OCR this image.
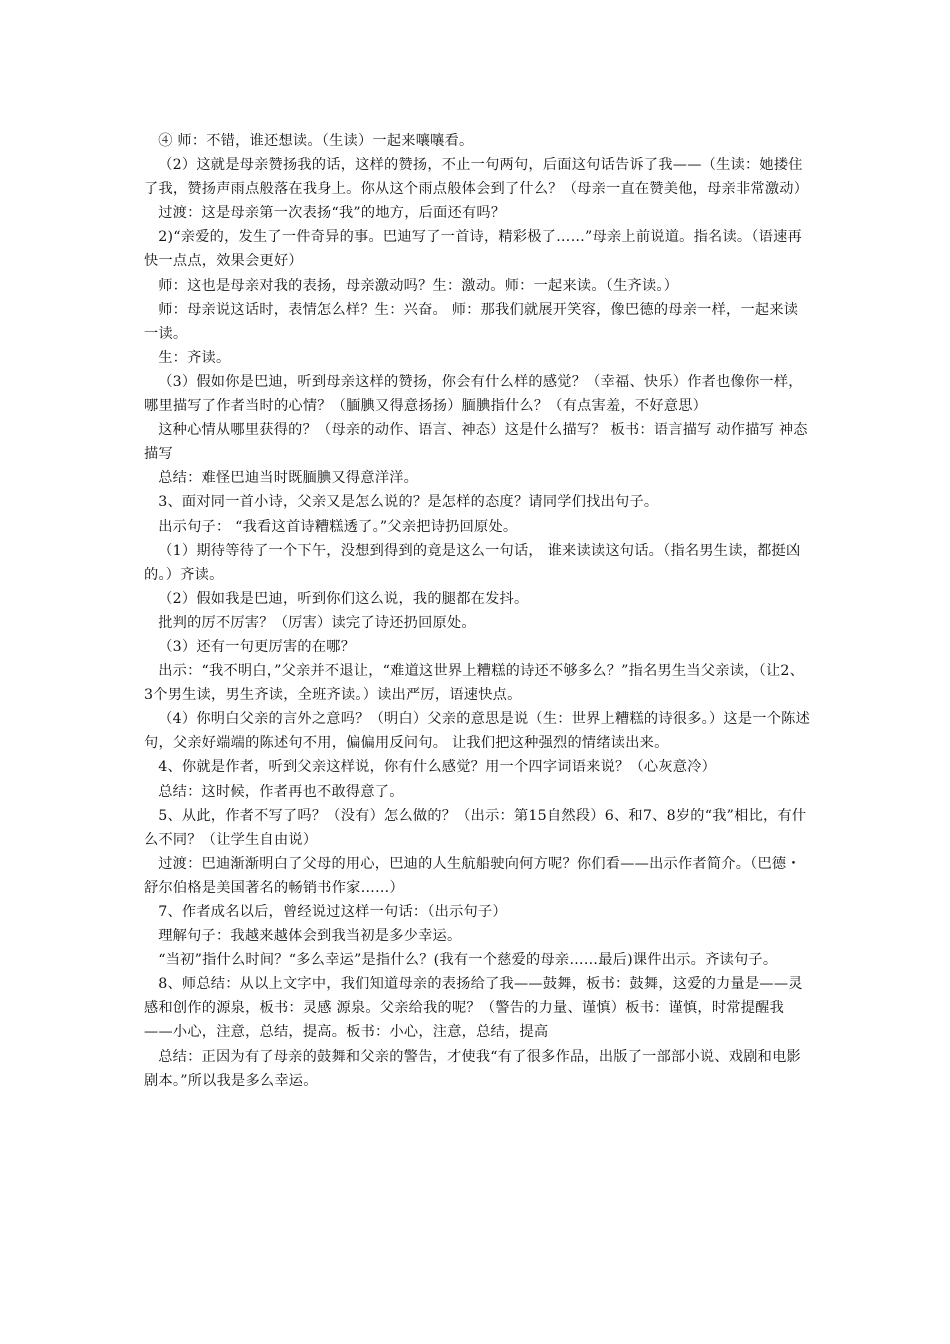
④ 师：不错，谁还想读。（生读）一起来嚷嚷看。

（2）这就是母亲赞扬我的话，这样的赞扬，不止一句两句，后面这句话告诉了我——（生读：她搂住了我，赞扬声雨点般落在我身上。你从这个雨点般体会到了什么？（母亲一直在赞美他，母亲非常激动）

过渡：这是母亲第一次表扬“我”的地方，后面还有吗？

2)“亲爱的，发生了一件奇异的事。巴迪写了一首诗，精彩极了……”母亲上前说道。指名读。（语速再快一点点，效果会更好）

师：这也是母亲对我的表扬，母亲激动吗？生：激动。师：一起来读。（生齐读。）

师：母亲说这话时，表情怎么样？生：兴奋。 师：那我们就展开笑容，像巴德的母亲一样，一起来读一读。

生：齐读。

（3）假如你是巴迪，听到母亲这样的赞扬，你会有什么样的感觉？（幸福、快乐）作者也像你一样，哪里描写了作者当时的心情？（腼腆又得意扬扬）腼腆指什么？（有点害羞，不好意思）

这种心情从哪里获得的？（母亲的动作、语言、神态）这是什么描写？ 板书：语言描写 动作描写 神态描写

总结：难怪巴迪当时既腼腆又得意洋洋。

3、面对同一首小诗，父亲又是怎么说的？是怎样的态度？请同学们找出句子。

出示句子： “我看这首诗糟糕透了。”父亲把诗扔回原处。

（1）期待等待了一个下午，没想到得到的竟是这么一句话， 谁来读读这句话。（指名男生读，都挺凶的。）齐读。

（2）假如我是巴迪，听到你们这么说，我的腿都在发抖。

批判的厉不厉害？（厉害）读完了诗还扔回原处。

（3）还有一句更厉害的在哪？

出示：“我不明白，”父亲并不退让，“难道这世界上糟糕的诗还不够多么？”指名男生当父亲读，（让2、3个男生读，男生齐读，全班齐读。）读出严厉，语速快点。

（4）你明白父亲的言外之意吗？（明白）父亲的意思是说（生：世界上糟糕的诗很多。）这是一个陈述句，父亲好端端的陈述句不用，偏偏用反问句。 让我们把这种强烈的情绪读出来。

4、你就是作者，听到父亲这样说，你有什么感觉？用一个四字词语来说？（心灰意冷）

总结：这时候，作者再也不敢得意了。

5、从此，作者不写了吗？（没有）怎么做的？（出示：第15自然段）6、和7、8岁的“我”相比，有什么不同？（让学生自由说）

过渡：巴迪渐渐明白了父母的用心，巴迪的人生航船驶向何方呢？你们看——出示作者简介。（巴德・舒尔伯格是美国著名的畅销书作家……）

7、作者成名以后，曾经说过这样一句话：（出示句子）

理解句子：我越来越体会到我当初是多少幸运。

“当初”指什么时间？“多么幸运”是指什么？(我有一个慈爱的母亲……最后)课件出示。齐读句子。

8、师总结：从以上文字中，我们知道母亲的表扬给了我——鼓舞，板书：鼓舞，这爱的力量是——灵感和创作的源泉，板书：灵感 源泉。父亲给我的呢？（警告的力量、谨慎）板书：谨慎，时常提醒我——小心，注意，总结，提高。板书：小心，注意，总结，提高

总结：正因为有了母亲的鼓舞和父亲的警告，才使我“有了很多作品，出版了一部部小说、戏剧和电影剧本。”所以我是多么幸运。
